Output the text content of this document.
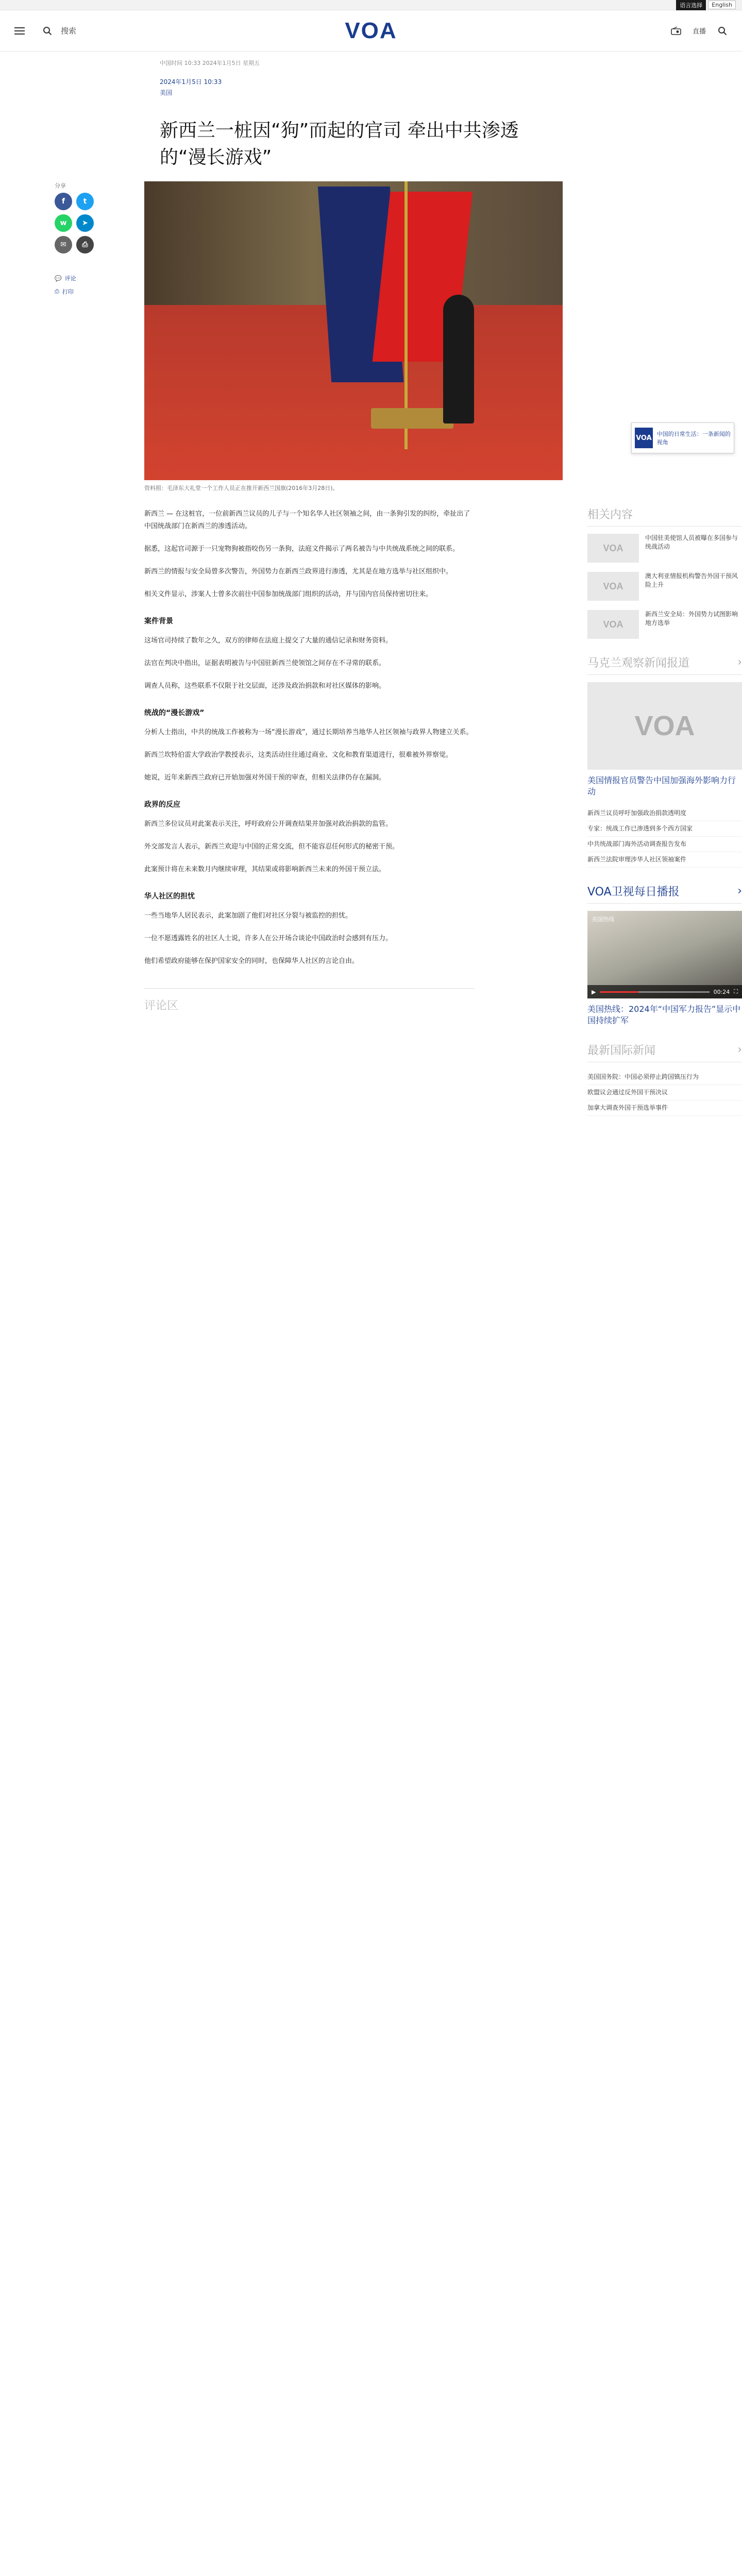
语言选择	English
搜索	VOA	直播
中国时间 10:33 2024年1月5日 星期五
2024年1月5日 10:33
美国
新西兰一桩因“狗”而起的官司 牵出中共渗透的“漫长游戏”
分享
f	t
w	➤
✉	⎙
💬 评论
⎙ 打印
资料照：毛泽东大礼堂一个工作人员正在推开新西兰国旗(2016年3月28日)。

新西兰 — 在这桩官，一位前新西兰议员的儿子与一个知名华人社区领袖之间，由一条狗引发的纠纷，牵扯出了中国统战部门在新西兰的渗透活动。

据悉，这起官司源于一只宠物狗被指咬伤另一条狗，法庭文件揭示了两名被告与中共统战系统之间的联系。

新西兰的情报与安全局曾多次警告，外国势力在新西兰政界进行渗透，尤其是在地方选举与社区组织中。

相关文件显示，涉案人士曾多次前往中国参加统战部门组织的活动，并与国内官员保持密切往来。

案件背景

这场官司持续了数年之久，双方的律师在法庭上提交了大量的通信记录和财务资料。

法官在判决中指出，证据表明被告与中国驻新西兰使领馆之间存在不寻常的联系。

调查人员称，这些联系不仅限于社交层面，还涉及政治捐款和对社区媒体的影响。

统战的“漫长游戏”

分析人士指出，中共的统战工作被称为一场“漫长游戏”，通过长期培养当地华人社区领袖与政界人物建立关系。

新西兰坎特伯雷大学政治学教授表示，这类活动往往通过商业、文化和教育渠道进行，很难被外界察觉。

她说，近年来新西兰政府已开始加强对外国干预的审查，但相关法律仍存在漏洞。

政界的反应

新西兰多位议员对此案表示关注，呼吁政府公开调查结果并加强对政治捐款的监管。

外交部发言人表示，新西兰欢迎与中国的正常交流，但不能容忍任何形式的秘密干预。

此案预计将在未来数月内继续审理，其结果或将影响新西兰未来的外国干预立法。

华人社区的担忧

一些当地华人居民表示，此案加剧了他们对社区分裂与被监控的担忧。

一位不愿透露姓名的社区人士说，许多人在公开场合谈论中国政治时会感到有压力。

他们希望政府能够在保护国家安全的同时，也保障华人社区的言论自由。

评论区
相关内容
VOA
中国驻美使馆人员被曝在多国参与统战活动
VOA
澳大利亚情报机构警告外国干预风险上升
VOA
新西兰安全局：外国势力试图影响地方选举
马克兰观察新闻报道	›
VOA
美国情报官员警告中国加强海外影响力行动
新西兰议员呼吁加强政治捐款透明度
专家：统战工作已渗透到多个西方国家
中共统战部门海外活动调查报告发布
新西兰法院审理涉华人社区领袖案件
VOA卫视每日播报	›
美国热线
▶	00:24 ⛶
美国热线：2024年“中国军力报告”显示中国持续扩军
最新国际新闻	›
美国国务院：中国必须停止跨国镇压行为
欧盟议会通过反外国干预决议
加拿大调查外国干预选举事件
VOA 中国的日常生活：一条新闻的视角
